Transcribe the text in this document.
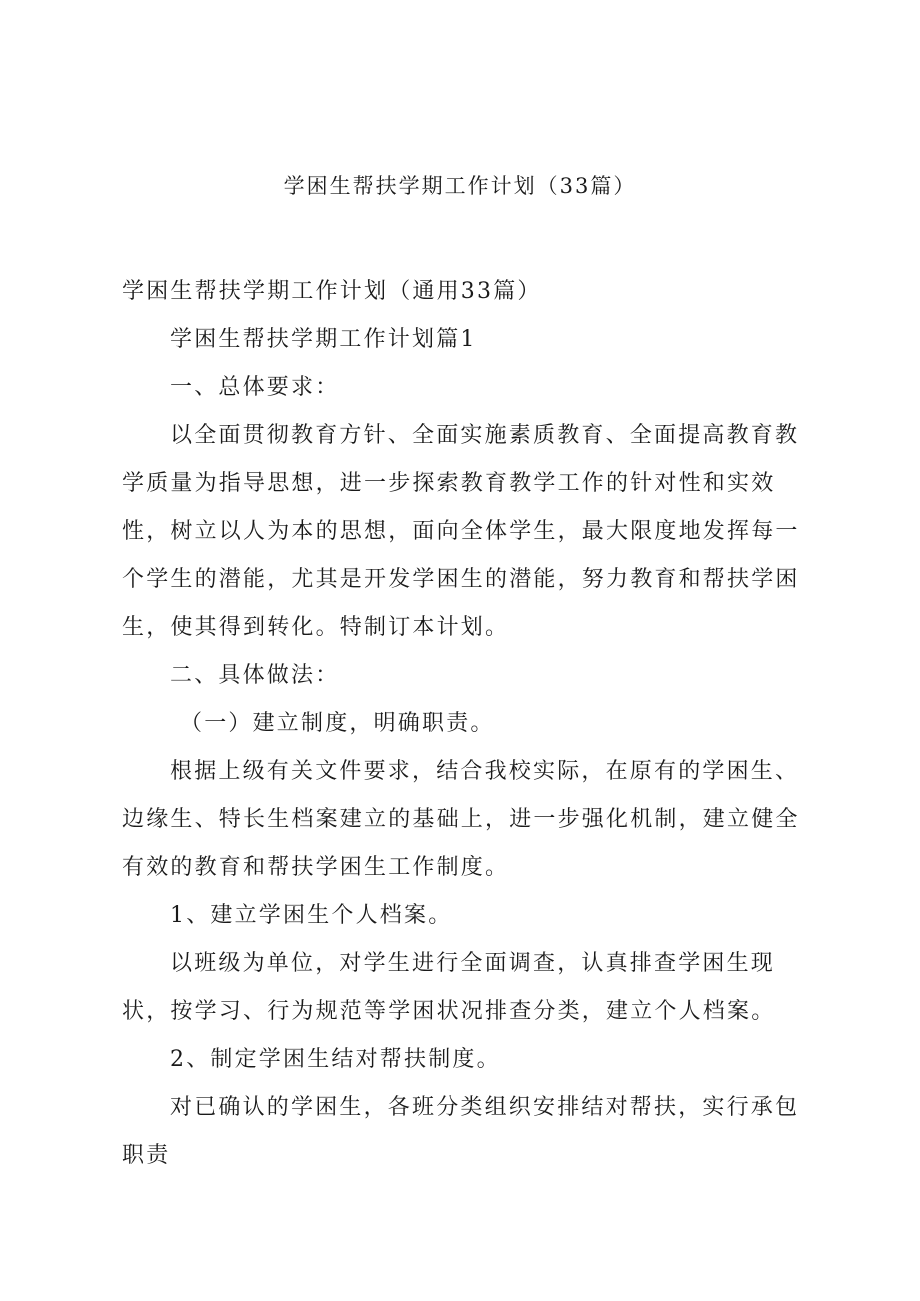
学困生帮扶学期工作计划（33篇）

学困生帮扶学期工作计划（通用33篇）

学困生帮扶学期工作计划篇1

一、总体要求：

以全面贯彻教育方针、全面实施素质教育、全面提高教育教学质量为指导思想，进一步探索教育教学工作的针对性和实效性，树立以人为本的思想，面向全体学生，最大限度地发挥每一个学生的潜能，尤其是开发学困生的潜能，努力教育和帮扶学困生，使其得到转化。特制订本计划。

二、具体做法：

（一）建立制度，明确职责。

根据上级有关文件要求，结合我校实际，在原有的学困生、边缘生、特长生档案建立的基础上，进一步强化机制，建立健全有效的教育和帮扶学困生工作制度。

1、建立学困生个人档案。

以班级为单位，对学生进行全面调查，认真排查学困生现状，按学习、行为规范等学困状况排查分类，建立个人档案。

2、制定学困生结对帮扶制度。

对已确认的学困生，各班分类组织安排结对帮扶，实行承包职责
